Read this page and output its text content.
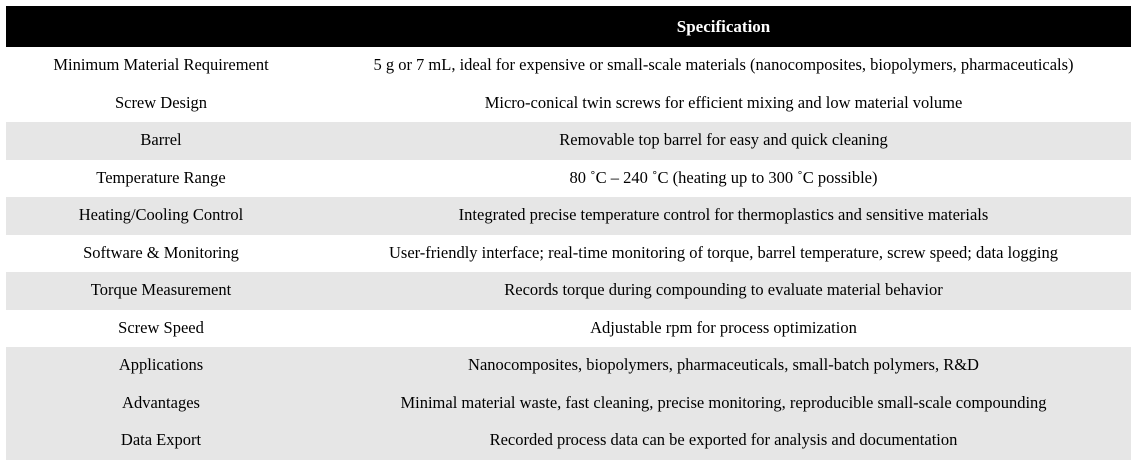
	Specification
Minimum Material Requirement	5 g or 7 mL, ideal for expensive or small-scale materials (nanocomposites, biopolymers, pharmaceuticals)
Screw Design	Micro-conical twin screws for efficient mixing and low material volume
Barrel	Removable top barrel for easy and quick cleaning
Temperature Range	80 ˚C – 240 ˚C (heating up to 300 ˚C possible)
Heating/Cooling Control	Integrated precise temperature control for thermoplastics and sensitive materials
Software & Monitoring	User-friendly interface; real-time monitoring of torque, barrel temperature, screw speed; data logging
Torque Measurement	Records torque during compounding to evaluate material behavior
Screw Speed	Adjustable rpm for process optimization
Applications	Nanocomposites, biopolymers, pharmaceuticals, small-batch polymers, R&D
Advantages	Minimal material waste, fast cleaning, precise monitoring, reproducible small-scale compounding
Data Export	Recorded process data can be exported for analysis and documentation
